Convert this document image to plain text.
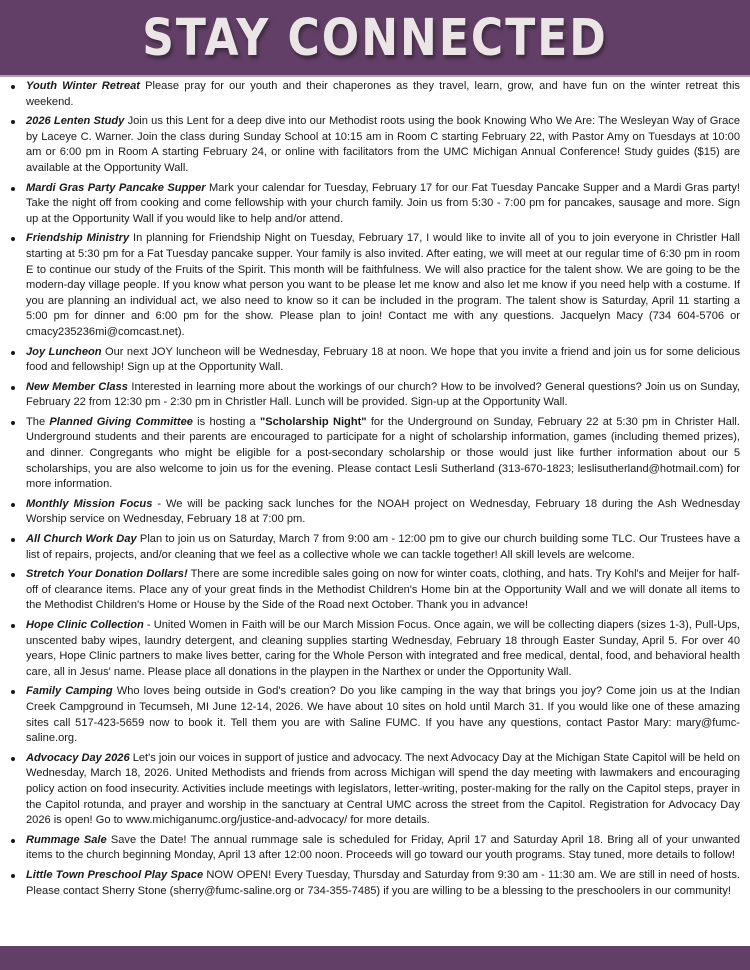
STAY CONNECTED
Youth Winter Retreat Please pray for our youth and their chaperones as they travel, learn, grow, and have fun on the winter retreat this weekend.
2026 Lenten Study Join us this Lent for a deep dive into our Methodist roots using the book Knowing Who We Are: The Wesleyan Way of Grace by Laceye C. Warner. Join the class during Sunday School at 10:15 am in Room C starting February 22, with Pastor Amy on Tuesdays at 10:00 am or 6:00 pm in Room A starting February 24, or online with facilitators from the UMC Michigan Annual Conference! Study guides ($15) are available at the Opportunity Wall.
Mardi Gras Party Pancake Supper Mark your calendar for Tuesday, February 17 for our Fat Tuesday Pancake Supper and a Mardi Gras party! Take the night off from cooking and come fellowship with your church family. Join us from 5:30 - 7:00 pm for pancakes, sausage and more. Sign up at the Opportunity Wall if you would like to help and/or attend.
Friendship Ministry In planning for Friendship Night on Tuesday, February 17, I would like to invite all of you to join everyone in Christler Hall starting at 5:30 pm for a Fat Tuesday pancake supper. Your family is also invited. After eating, we will meet at our regular time of 6:30 pm in room E to continue our study of the Fruits of the Spirit. This month will be faithfulness. We will also practice for the talent show. We are going to be the modern-day village people. If you know what person you want to be please let me know and also let me know if you need help with a costume. If you are planning an individual act, we also need to know so it can be included in the program. The talent show is Saturday, April 11 starting a 5:00 pm for dinner and 6:00 pm for the show. Please plan to join! Contact me with any questions. Jacquelyn Macy (734 604-5706 or cmacy235236mi@comcast.net).
Joy Luncheon Our next JOY luncheon will be Wednesday, February 18 at noon. We hope that you invite a friend and join us for some delicious food and fellowship! Sign up at the Opportunity Wall.
New Member Class Interested in learning more about the workings of our church? How to be involved? General questions? Join us on Sunday, February 22 from 12:30 pm - 2:30 pm in Christler Hall. Lunch will be provided. Sign-up at the Opportunity Wall.
The Planned Giving Committee is hosting a "Scholarship Night" for the Underground on Sunday, February 22 at 5:30 pm in Christer Hall. Underground students and their parents are encouraged to participate for a night of scholarship information, games (including themed prizes), and dinner. Congregants who might be eligible for a post-secondary scholarship or those would just like further information about our 5 scholarships, you are also welcome to join us for the evening. Please contact Lesli Sutherland (313-670-1823; leslisutherland@hotmail.com) for more information.
Monthly Mission Focus - We will be packing sack lunches for the NOAH project on Wednesday, February 18 during the Ash Wednesday Worship service on Wednesday, February 18 at 7:00 pm.
All Church Work Day Plan to join us on Saturday, March 7 from 9:00 am - 12:00 pm to give our church building some TLC. Our Trustees have a list of repairs, projects, and/or cleaning that we feel as a collective whole we can tackle together! All skill levels are welcome.
Stretch Your Donation Dollars! There are some incredible sales going on now for winter coats, clothing, and hats. Try Kohl's and Meijer for half-off of clearance items. Place any of your great finds in the Methodist Children's Home bin at the Opportunity Wall and we will donate all items to the Methodist Children's Home or House by the Side of the Road next October. Thank you in advance!
Hope Clinic Collection - United Women in Faith will be our March Mission Focus. Once again, we will be collecting diapers (sizes 1-3), Pull-Ups, unscented baby wipes, laundry detergent, and cleaning supplies starting Wednesday, February 18 through Easter Sunday, April 5. For over 40 years, Hope Clinic partners to make lives better, caring for the Whole Person with integrated and free medical, dental, food, and behavioral health care, all in Jesus' name. Please place all donations in the playpen in the Narthex or under the Opportunity Wall.
Family Camping Who loves being outside in God's creation? Do you like camping in the way that brings you joy? Come join us at the Indian Creek Campground in Tecumseh, MI June 12-14, 2026. We have about 10 sites on hold until March 31. If you would like one of these amazing sites call 517-423-5659 now to book it. Tell them you are with Saline FUMC. If you have any questions, contact Pastor Mary: mary@fumc-saline.org.
Advocacy Day 2026 Let's join our voices in support of justice and advocacy. The next Advocacy Day at the Michigan State Capitol will be held on Wednesday, March 18, 2026. United Methodists and friends from across Michigan will spend the day meeting with lawmakers and encouraging policy action on food insecurity. Activities include meetings with legislators, letter-writing, poster-making for the rally on the Capitol steps, prayer in the Capitol rotunda, and prayer and worship in the sanctuary at Central UMC across the street from the Capitol. Registration for Advocacy Day 2026 is open! Go to www.michiganumc.org/justice-and-advocacy/ for more details.
Rummage Sale Save the Date! The annual rummage sale is scheduled for Friday, April 17 and Saturday April 18. Bring all of your unwanted items to the church beginning Monday, April 13 after 12:00 noon. Proceeds will go toward our youth programs. Stay tuned, more details to follow!
Little Town Preschool Play Space NOW OPEN! Every Tuesday, Thursday and Saturday from 9:30 am - 11:30 am. We are still in need of hosts. Please contact Sherry Stone (sherry@fumc-saline.org or 734-355-7485) if you are willing to be a blessing to the preschoolers in our community!
